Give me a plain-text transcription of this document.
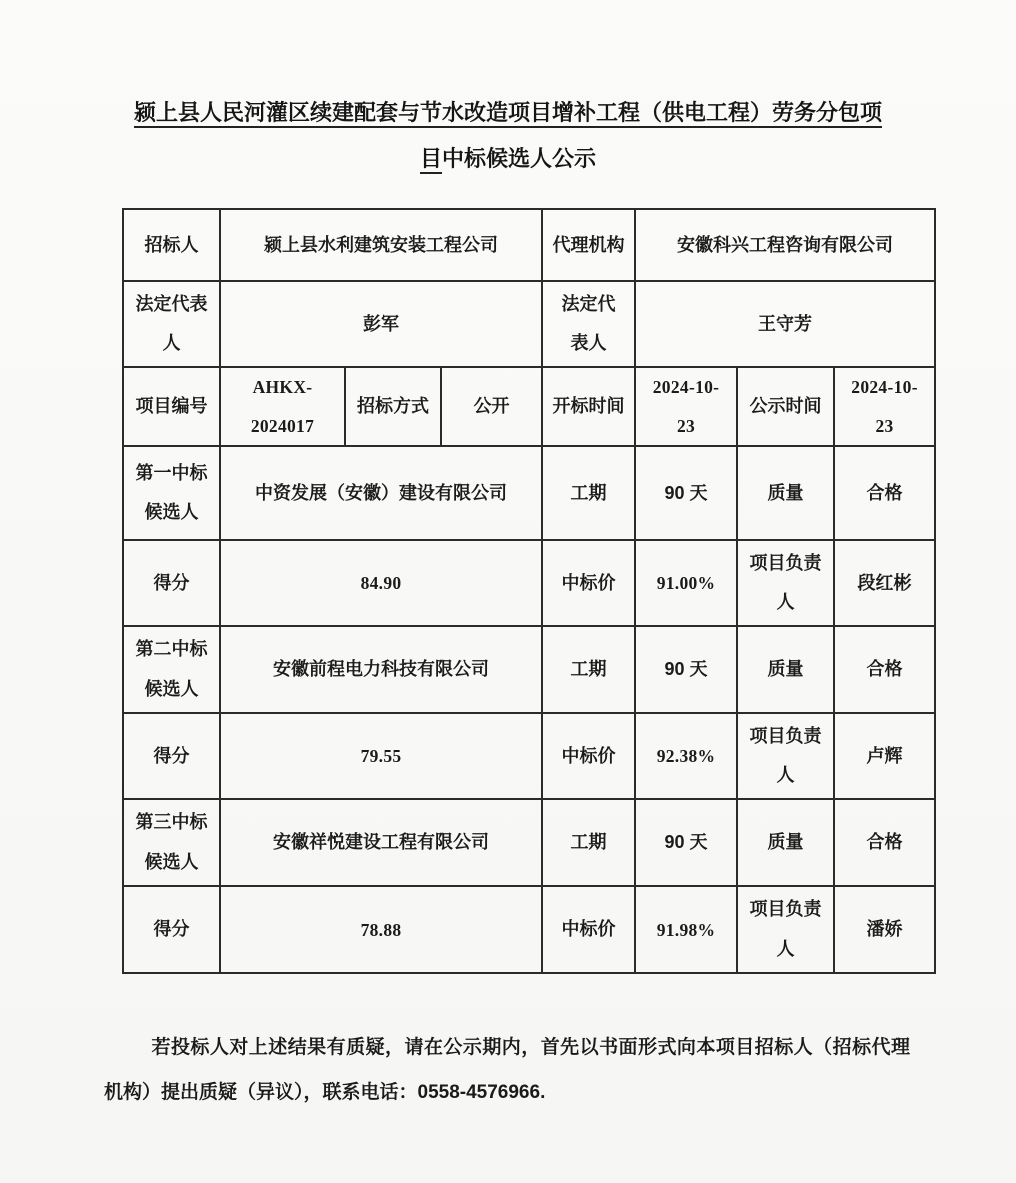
颍上县人民河灌区续建配套与节水改造项目增补工程（供电工程）劳务分包项
目中标候选人公示
招标人	颍上县水利建筑安装工程公司			代理机构	安徽科兴工程咨询有限公司		
法定代表人	彭军			法定代表人	王守芳		
项目编号	AHKX-2024017	招标方式	公开	开标时间	2024-10-23	公示时间	2024-10-23
第一中标候选人	中资发展（安徽）建设有限公司			工期	90 天	质量	合格
得分	84.90			中标价	91.00%	项目负责人	段红彬
第二中标候选人	安徽前程电力科技有限公司			工期	90 天	质量	合格
得分	79.55			中标价	92.38%	项目负责人	卢辉
第三中标候选人	安徽祥悦建设工程有限公司			工期	90 天	质量	合格
得分	78.88			中标价	91.98%	项目负责人	潘娇

若投标人对上述结果有质疑，请在公示期内，首先以书面形式向本项目招标人（招标代理机构）提出质疑（异议），联系电话：0558-4576966.
